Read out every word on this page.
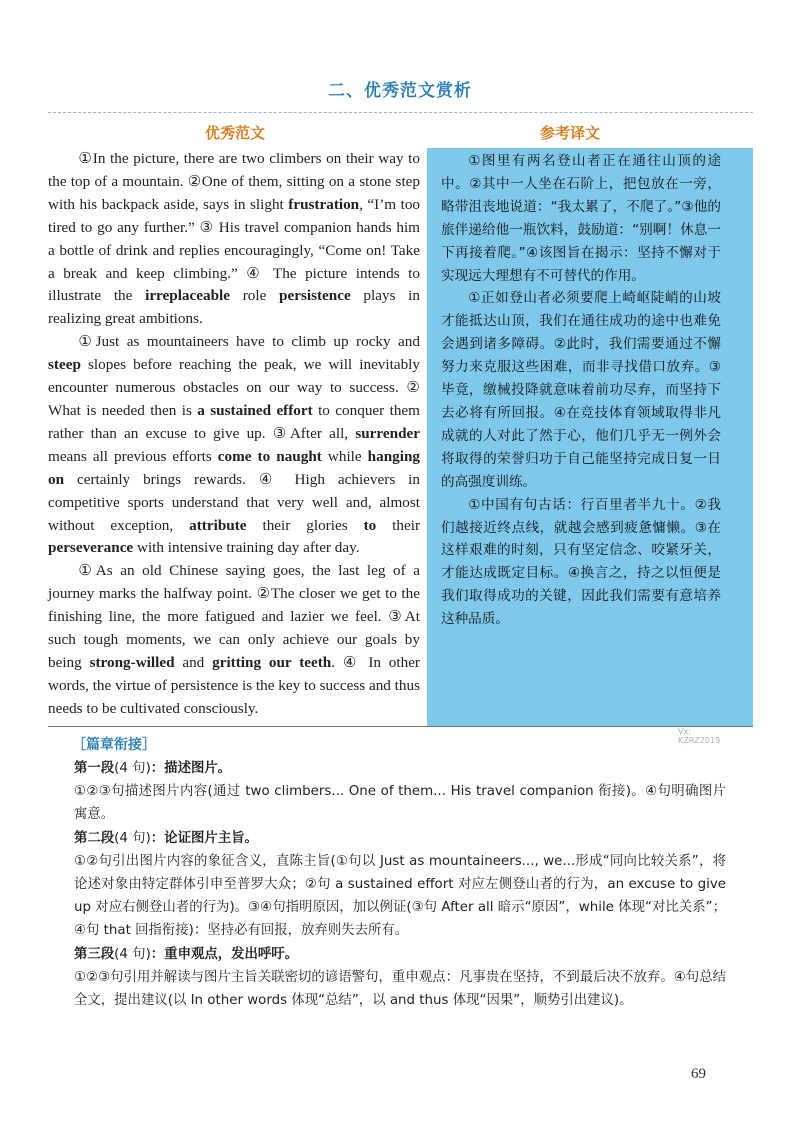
二、优秀范文赏析
优秀范文	参考译文

①In the picture, there are two climbers on their way to the top of a mountain. ②One of them, sitting on a stone step with his backpack aside, says in slight frustration, “I’m too tired to go any further.” ③ His travel companion hands him a bottle of drink and replies encouragingly, “Come on! Take a break and keep climbing.” ④ The picture intends to illustrate the irreplaceable role persistence plays in realizing great ambitions.

①Just as mountaineers have to climb up rocky and steep slopes before reaching the peak, we will inevitably encounter numerous obstacles on our way to success. ② What is needed then is a sustained effort to conquer them rather than an excuse to give up. ③After all, surrender means all previous efforts come to naught while hanging on certainly brings rewards. ④ High achievers in competitive sports understand that very well and, almost without exception, attribute their glories to their perseverance with intensive training day after day.

①As an old Chinese saying goes, the last leg of a journey marks the halfway point. ②The closer we get to the finishing line, the more fatigued and lazier we feel. ③At such tough moments, we can only achieve our goals by being strong-willed and gritting our teeth. ④ In other words, the virtue of persistence is the key to success and thus needs to be cultivated consciously.

①图里有两名登山者正在通往山顶的途中。②其中一人坐在石阶上，把包放在一旁，略带沮丧地说道：“我太累了，不爬了。”③他的旅伴递给他一瓶饮料，鼓励道：“别啊！休息一下再接着爬。”④该图旨在揭示：坚持不懈对于实现远大理想有不可替代的作用。

①正如登山者必须要爬上崎岖陡峭的山坡才能抵达山顶，我们在通往成功的途中也难免会遇到诸多障碍。②此时，我们需要通过不懈努力来克服这些困难，而非寻找借口放弃。③毕竟，缴械投降就意味着前功尽弃，而坚持下去必将有所回报。④在竞技体育领域取得非凡成就的人对此了然于心，他们几乎无一例外会将取得的荣誉归功于自己能坚持完成日复一日的高强度训练。

①中国有句古话：行百里者半九十。②我们越接近终点线，就越会感到疲惫慵懒。③在这样艰难的时刻，只有坚定信念、咬紧牙关，才能达成既定目标。④换言之，持之以恒便是我们取得成功的关键，因此我们需要有意培养这种品质。

Vx:
KZRZ2019
［篇章衔接］

第一段(4 句)：描述图片。

①②③句描述图片内容(通过 two climbers... One of them... His travel companion 衔接)。④句明确图片寓意。

第二段(4 句)：论证图片主旨。

①②句引出图片内容的象征含义，直陈主旨(①句以 Just as mountaineers..., we...形成“同向比较关系”，将论述对象由特定群体引申至普罗大众；②句 a sustained effort 对应左侧登山者的行为，an excuse to give up 对应右侧登山者的行为)。③④句指明原因，加以例证(③句 After all 暗示“原因”，while 体现“对比关系”；④句 that 回指衔接)：坚持必有回报，放弃则失去所有。

第三段(4 句)：重申观点，发出呼吁。

①②③句引用并解读与图片主旨关联密切的谚语警句，重申观点：凡事贵在坚持，不到最后决不放弃。④句总结全文，提出建议(以 In other words 体现“总结”，以 and thus 体现“因果”，顺势引出建议)。

69
